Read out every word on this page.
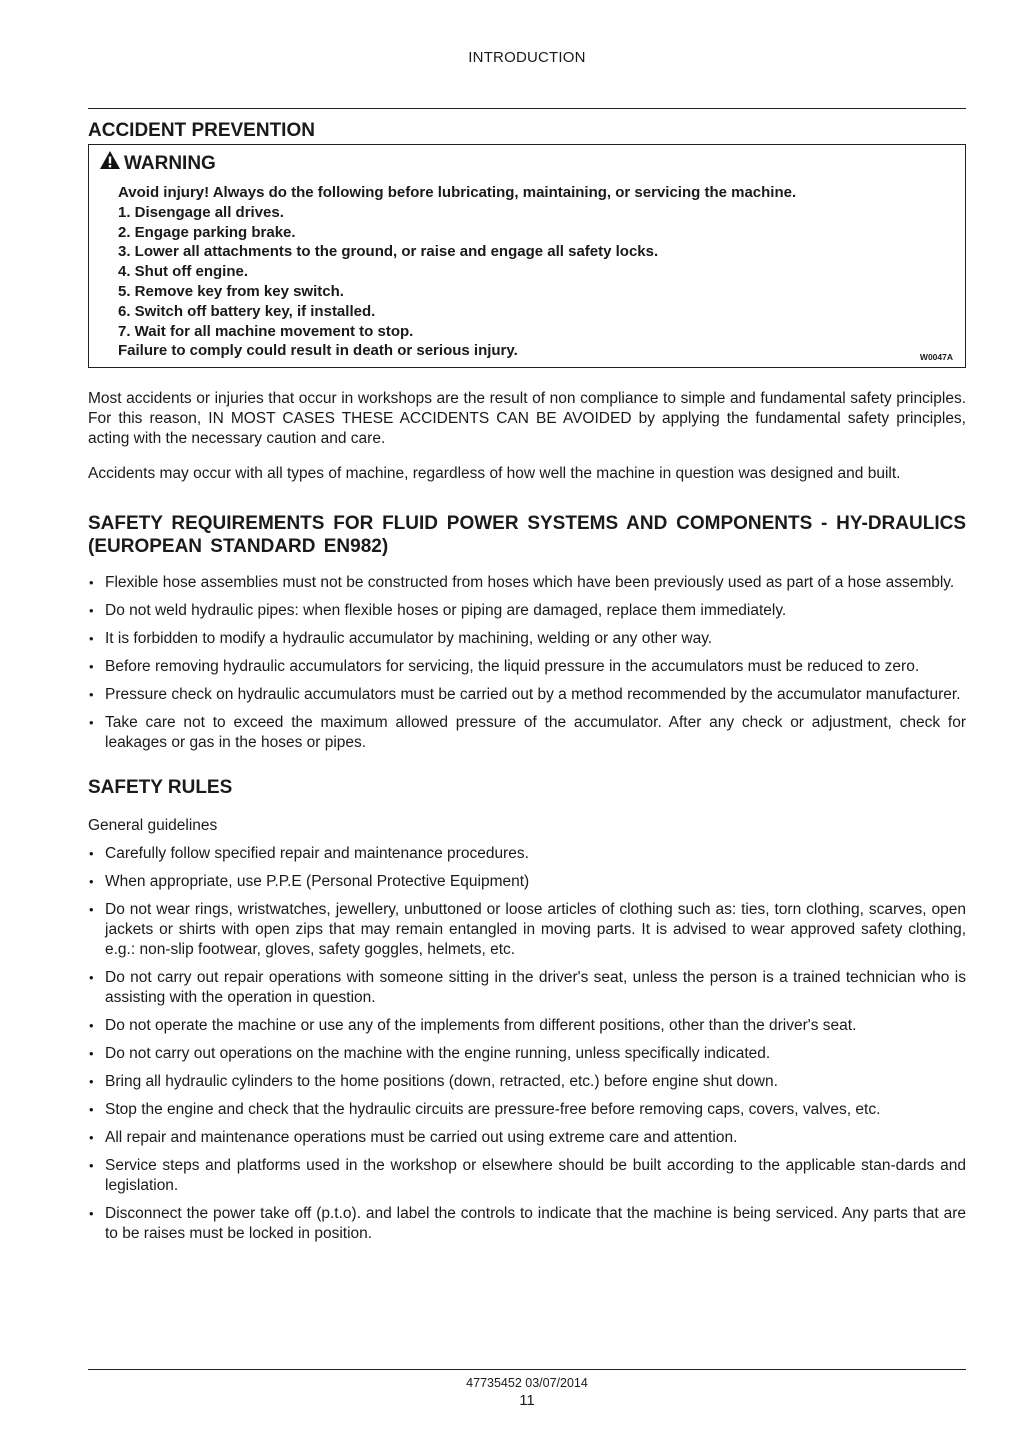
INTRODUCTION
ACCIDENT PREVENTION
WARNING
Avoid injury! Always do the following before lubricating, maintaining, or servicing the machine.
1. Disengage all drives.
2. Engage parking brake.
3. Lower all attachments to the ground, or raise and engage all safety locks.
4. Shut off engine.
5. Remove key from key switch.
6. Switch off battery key, if installed.
7. Wait for all machine movement to stop.
Failure to comply could result in death or serious injury.	W0047A

Most accidents or injuries that occur in workshops are the result of non compliance to simple and fundamental safety principles. For this reason, IN MOST CASES THESE ACCIDENTS CAN BE AVOIDED by applying the fundamental safety principles, acting with the necessary caution and care.

Accidents may occur with all types of machine, regardless of how well the machine in question was designed and built.

SAFETY REQUIREMENTS FOR FLUID POWER SYSTEMS AND COMPONENTS - HY-DRAULICS (EUROPEAN STANDARD EN982)
• Flexible hose assemblies must not be constructed from hoses which have been previously used as part of a hose assembly.
• Do not weld hydraulic pipes: when flexible hoses or piping are damaged, replace them immediately.
• It is forbidden to modify a hydraulic accumulator by machining, welding or any other way.
• Before removing hydraulic accumulators for servicing, the liquid pressure in the accumulators must be reduced to zero.
• Pressure check on hydraulic accumulators must be carried out by a method recommended by the accumulator manufacturer.
• Take care not to exceed the maximum allowed pressure of the accumulator. After any check or adjustment, check for leakages or gas in the hoses or pipes.
SAFETY RULES

General guidelines

• Carefully follow specified repair and maintenance procedures.
• When appropriate, use P.P.E (Personal Protective Equipment)
• Do not wear rings, wristwatches, jewellery, unbuttoned or loose articles of clothing such as: ties, torn clothing, scarves, open jackets or shirts with open zips that may remain entangled in moving parts. It is advised to wear approved safety clothing, e.g.: non-slip footwear, gloves, safety goggles, helmets, etc.
• Do not carry out repair operations with someone sitting in the driver's seat, unless the person is a trained technician who is assisting with the operation in question.
• Do not operate the machine or use any of the implements from different positions, other than the driver's seat.
• Do not carry out operations on the machine with the engine running, unless specifically indicated.
• Bring all hydraulic cylinders to the home positions (down, retracted, etc.) before engine shut down.
• Stop the engine and check that the hydraulic circuits are pressure-free before removing caps, covers, valves, etc.
• All repair and maintenance operations must be carried out using extreme care and attention.
• Service steps and platforms used in the workshop or elsewhere should be built according to the applicable stan-dards and legislation.
• Disconnect the power take off (p.t.o). and label the controls to indicate that the machine is being serviced. Any parts that are to be raises must be locked in position.
47735452 03/07/2014
11
